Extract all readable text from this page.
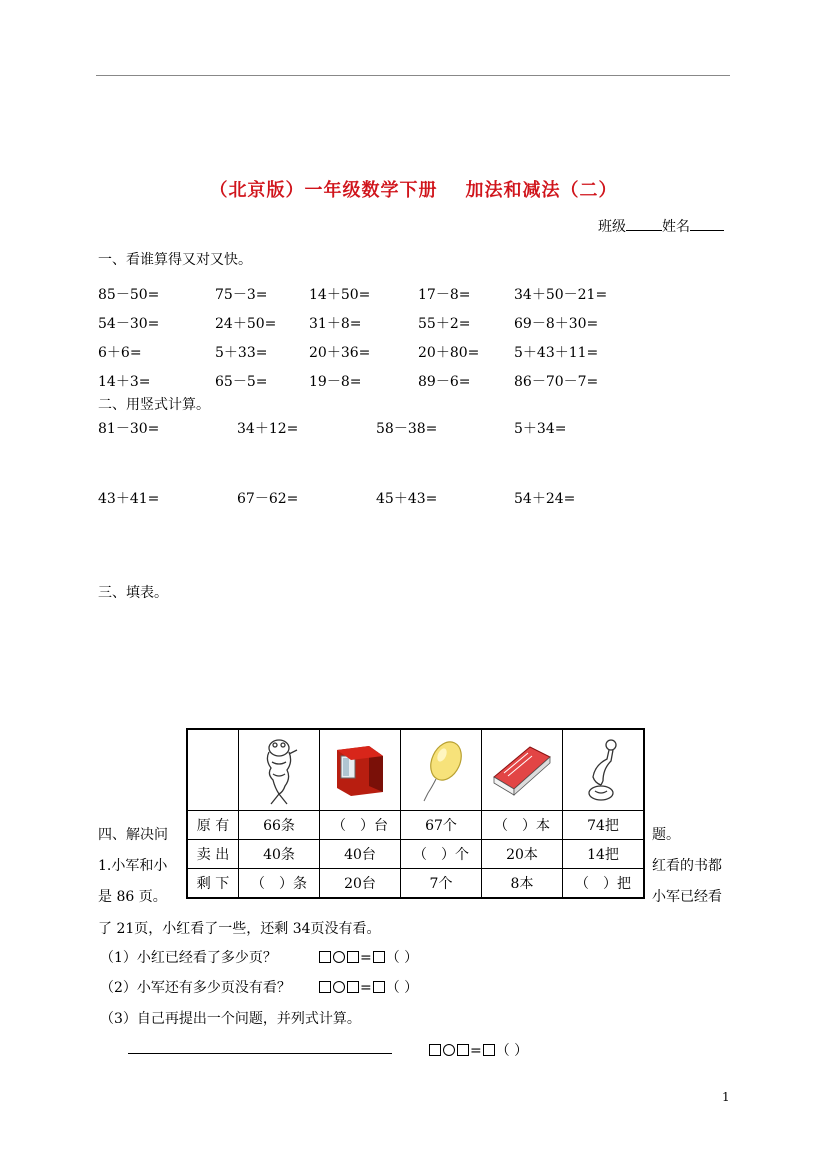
（北京版）一年级数学下册 加法和减法（二）
班级	姓名
一、看谁算得又对又快。
85－50=	75－3=	14＋50=	17－8=	34＋50－21=
54－30=	24＋50= 31＋8=	55＋2=	69－8＋30=
6＋6=	5＋33=	20＋36=	20＋80= 5＋43＋11=
14＋3=	65－5=	19－8=	89－6=	86－70－7=
二、用竖式计算。
81－30=	34＋12=	58－38=	5＋34=
43＋41=	67－62=	45＋43=	54＋24=
三、填表。

原 有	66条	（　）台	67个	（　）本	74把
卖 出	40条	40台	（　）个	20本	14把
剩 下	（　）条	20台	7个	8本	（　）把
四、解决问	题。
1.小军和小	红看的书都
是 86 页。	小军已经看
了 21页，小红看了一些，还剩 34页没有看。
（1）小红已经看了多少页？	= （ ）
（2）小军还有多少页没有看？	= （ ）
（3）自己再提出一个问题，并列式计算。
= （ ）
1
